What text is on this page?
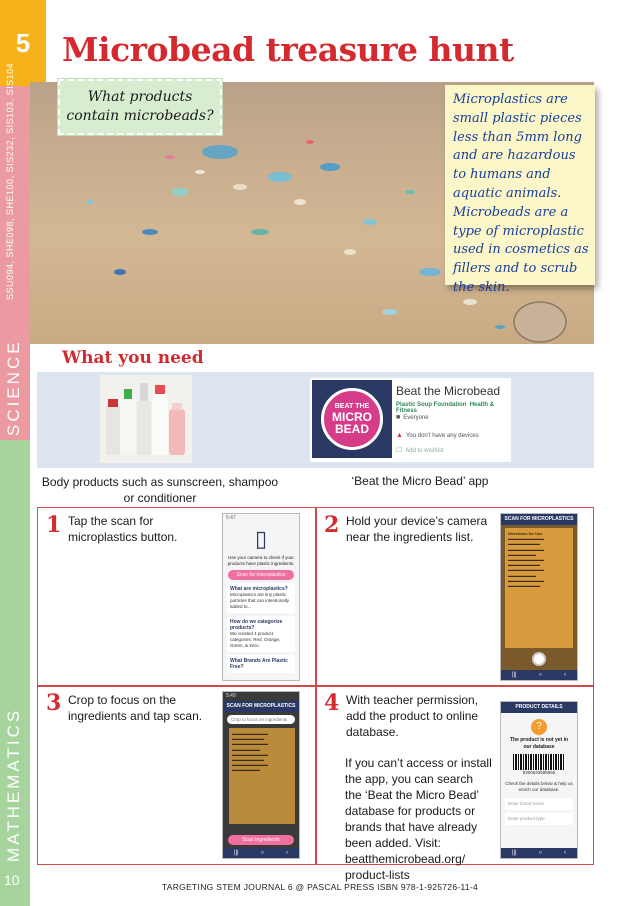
5
SSU094, SHE098, SHE100, SIS232, SIS103, SIS104
SCIENCE
MATHEMATICS
10
Microbead treasure hunt
What products contain microbeads?
Microplastics are small plastic pieces less than 5mm long and are hazardous to humans and aquatic animals. Microbeads are a type of microplastic used in cosmetics as fillers and to scrub the skin.
What you need
BEAT THE
MICRO
BEAD
Beat the Microbead
Plastic Soup Foundation Health & Fitness
■ Everyone
▲ You don't have any devices
☐ Add to wishlist
Body products such as sunscreen, shampoo or conditioner
‘Beat the Micro Bead’ app
1 Tap the scan for microplastics button.	2 Hold your device’s camera near the ingredients list.
3 Crop to focus on the ingredients and tap scan.	4 With teacher permission, add the product to online database.
If you can’t access or install the app, you can search the ‘Beat the Micro Bead’ database for products or brands that have already been added. Visit: beatthemicrobead.org/ product-lists
5:47
▯
Use your camera to check if your products have plastic ingredients.
Scan for microplastics
What are microplastics?
Microplastics are tiny plastic particles that can intentionally added to...
How do we categorize products?
We created 4 product categories: Red, Orange, Green, & Zero.
What Brands Are Plastic Free?
SCAN FOR MICROPLASTICS
Directions for Use
▬▬▬▬▬▬▬▬▬
▬▬▬▬▬▬▬▬
▬▬▬▬▬▬▬▬▬
▬▬▬▬▬▬▬
▬▬▬▬▬▬▬▬▬
▬▬▬▬▬▬▬▬
▬▬▬▬▬▬▬▬▬
▬▬▬▬▬▬▬
▬▬▬▬▬▬▬▬▬
▬▬▬▬▬▬▬▬
|||	○	‹
5:49
SCAN FOR MICROPLASTICS
Crop to focus on ingredients
▬▬▬▬▬▬▬▬▬
▬▬▬▬▬▬▬▬
▬▬▬▬▬▬▬▬▬
▬▬▬▬▬▬▬
▬▬▬▬▬▬▬▬▬
▬▬▬▬▬▬▬▬
▬▬▬▬▬▬▬▬▬
▬▬▬▬▬▬▬
Scan Ingredients
|||	○	‹
PRODUCT DETAILS
?
The product is not yet in our database
9300633596965
Check the details below & help us enrich our database.
Enter brand name
Enter product type
|||	○	‹
TARGETING STEM JOURNAL 6 @ PASCAL PRESS ISBN 978-1-925726-11-4
